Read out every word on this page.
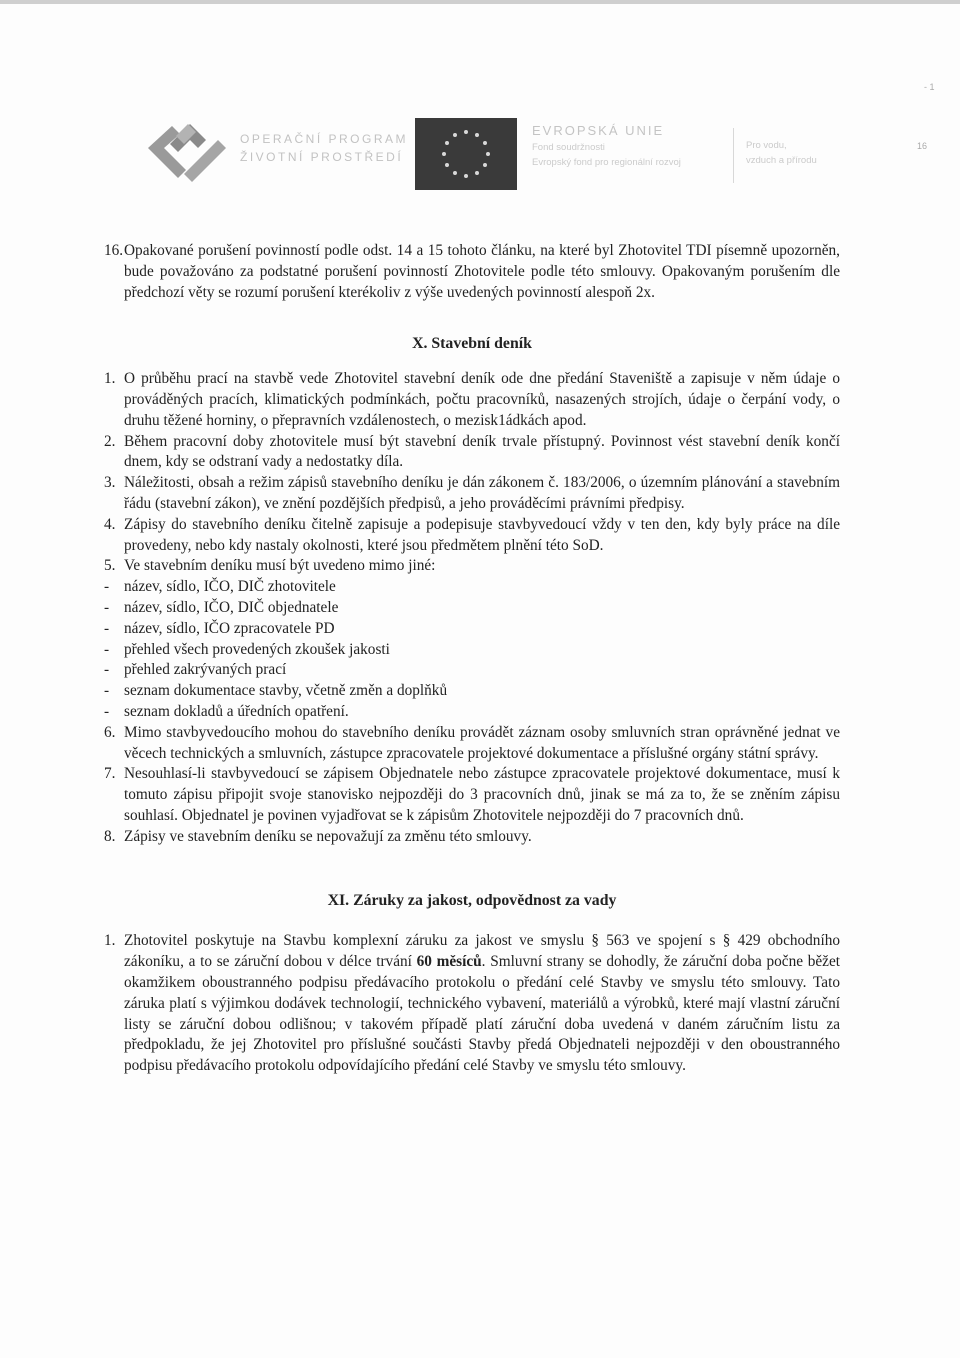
OPERAČNÍ PROGRAM
ŽIVOTNÍ PROSTŘEDÍ
EVROPSKÁ UNIE
Fond soudržnosti
Evropský fond pro regionální rozvoj
Pro vodu,
vzduch a přírodu
- 1
16
16. Opakované porušení povinností podle odst. 14 a 15 tohoto článku, na které byl Zhotovitel TDI písemně upozorněn, bude považováno za podstatné porušení povinností Zhotovitele podle této smlouvy. Opakovaným porušením dle předchozí věty se rozumí porušení kterékoliv z výše uvedených povinností alespoň 2x.
X. Stavební deník
1. O průběhu prací na stavbě vede Zhotovitel stavební deník ode dne předání Staveniště a zapisuje v něm údaje o prováděných pracích, klimatických podmínkách, počtu pracovníků, nasazených strojích, údaje o čerpání vody, o druhu těžené horniny, o přepravních vzdálenostech, o mezisk1ádkách apod.
2. Během pracovní doby zhotovitele musí být stavební deník trvale přístupný. Povinnost vést stavební deník končí dnem, kdy se odstraní vady a nedostatky díla.
3. Náležitosti, obsah a režim zápisů stavebního deníku je dán zákonem č. 183/2006, o územním plánování a stavebním řádu (stavební zákon), ve znění pozdějších předpisů, a jeho prováděcími právními předpisy.
4. Zápisy do stavebního deníku čitelně zapisuje a podepisuje stavbyvedoucí vždy v ten den, kdy byly práce na díle provedeny, nebo kdy nastaly okolnosti, které jsou předmětem plnění této SoD.
5. Ve stavebním deníku musí být uvedeno mimo jiné:
- název, sídlo, IČO, DIČ zhotovitele
- název, sídlo, IČO, DIČ objednatele
- název, sídlo, IČO zpracovatele PD
- přehled všech provedených zkoušek jakosti
- přehled zakrývaných prací
- seznam dokumentace stavby, včetně změn a doplňků
- seznam dokladů a úředních opatření.
6. Mimo stavbyvedoucího mohou do stavebního deníku provádět záznam osoby smluvních stran oprávněné jednat ve věcech technických a smluvních, zástupce zpracovatele projektové dokumentace a příslušné orgány státní správy.
7. Nesouhlasí-li stavbyvedoucí se zápisem Objednatele nebo zástupce zpracovatele projektové dokumentace, musí k tomuto zápisu připojit svoje stanovisko nejpozději do 3 pracovních dnů, jinak se má za to, že se zněním zápisu souhlasí. Objednatel je povinen vyjadřovat se k zápisům Zhotovitele nejpozději do 7 pracovních dnů.
8. Zápisy ve stavebním deníku se nepovažují za změnu této smlouvy.
XI. Záruky za jakost, odpovědnost za vady
1. Zhotovitel poskytuje na Stavbu komplexní záruku za jakost ve smyslu § 563 ve spojení s § 429 obchodního zákoníku, a to se záruční dobou v délce trvání 60 měsíců. Smluvní strany se dohodly, že záruční doba počne běžet okamžikem oboustranného podpisu předávacího protokolu o předání celé Stavby ve smyslu této smlouvy. Tato záruka platí s výjimkou dodávek technologií, technického vybavení, materiálů a výrobků, které mají vlastní záruční listy se záruční dobou odlišnou; v takovém případě platí záruční doba uvedená v daném záručním listu za předpokladu, že jej Zhotovitel pro příslušné součásti Stavby předá Objednateli nejpozději v den oboustranného podpisu předávacího protokolu odpovídajícího předání celé Stavby ve smyslu této smlouvy.
